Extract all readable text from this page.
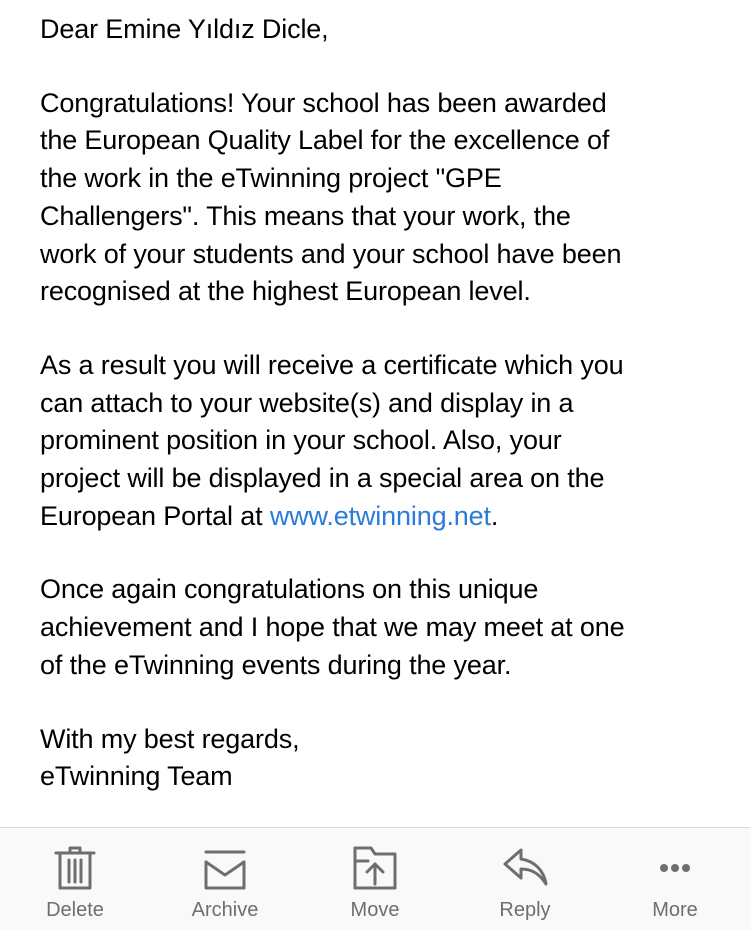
Dear Emine Yıldız Dicle,

Congratulations! Your school has been awarded
the European Quality Label for the excellence of
the work in the eTwinning project "GPE
Challengers". This means that your work, the
work of your students and your school have been
recognised at the highest European level.

As a result you will receive a certificate which you
can attach to your website(s) and display in a
prominent position in your school. Also, your
project will be displayed in a special area on the
European Portal at www.etwinning.net.

Once again congratulations on this unique
achievement and I hope that we may meet at one
of the eTwinning events during the year.

With my best regards,
eTwinning Team

Delete	Archive	Move	Reply	More
